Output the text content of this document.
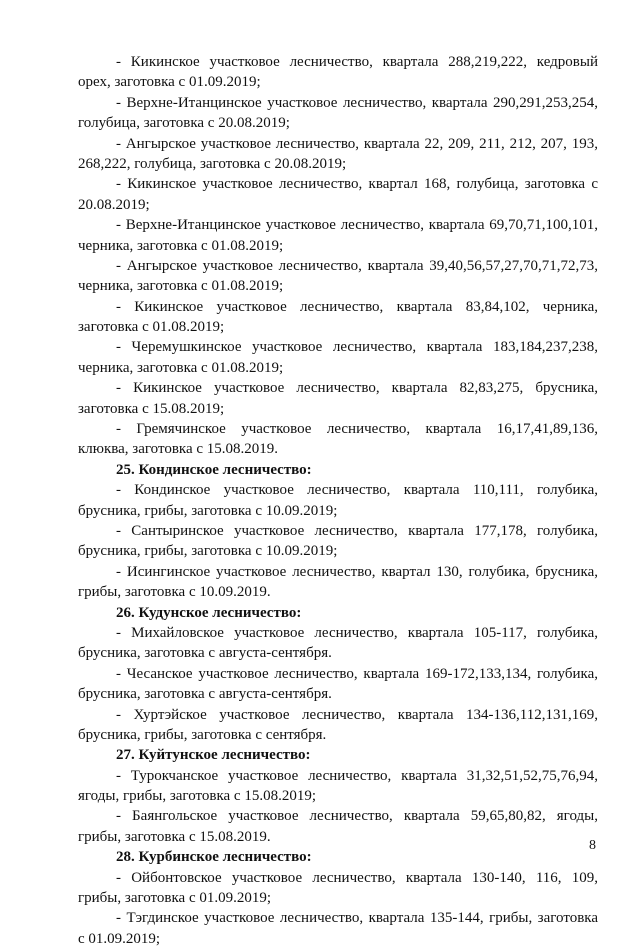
- Кикинское участковое лесничество, квартала 288,219,222, кедровый
орех, заготовка с 01.09.2019;
- Верхне-Итанцинское участковое лесничество, квартала 290,291,253,254,
голубица, заготовка с 20.08.2019;
- Ангырское участковое лесничество, квартала 22, 209, 211, 212, 207, 193,
268,222, голубица, заготовка с 20.08.2019;
- Кикинское участковое лесничество, квартал 168, голубица, заготовка с
20.08.2019;
- Верхне-Итанцинское участковое лесничество, квартала 69,70,71,100,101,
черника, заготовка с 01.08.2019;
- Ангырское участковое лесничество, квартала 39,40,56,57,27,70,71,72,73,
черника, заготовка с 01.08.2019;
- Кикинское участковое лесничество, квартала 83,84,102, черника,
заготовка с 01.08.2019;
- Черемушкинское участковое лесничество, квартала 183,184,237,238,
черника, заготовка с 01.08.2019;
- Кикинское участковое лесничество, квартала 82,83,275, брусника,
заготовка с 15.08.2019;
- Гремячинское участковое лесничество, квартала 16,17,41,89,136,
клюква, заготовка с 15.08.2019.
25. Кондинское лесничество:
- Кондинское участковое лесничество, квартала 110,111, голубика,
брусника, грибы, заготовка с 10.09.2019;
- Сантыринское участковое лесничество, квартала 177,178, голубика,
брусника, грибы, заготовка с 10.09.2019;
- Исингинское участковое лесничество, квартал 130, голубика, брусника,
грибы, заготовка с 10.09.2019.
26. Кудунское лесничество:
- Михайловское участковое лесничество, квартала 105-117, голубика,
брусника, заготовка с августа-сентября.
- Чесанское участковое лесничество, квартала 169-172,133,134, голубика,
брусника, заготовка с августа-сентября.
- Хуртэйское участковое лесничество, квартала 134-136,112,131,169,
брусника, грибы, заготовка с сентября.
27. Куйтунское лесничество:
- Турокчанское участковое лесничество, квартала 31,32,51,52,75,76,94,
ягоды, грибы, заготовка с 15.08.2019;
- Баянгольское участковое лесничество, квартала 59,65,80,82, ягоды,
грибы, заготовка с 15.08.2019.
28. Курбинское лесничество:
- Ойбонтовское участковое лесничество, квартала 130-140, 116, 109,
грибы, заготовка с 01.09.2019;
- Тэгдинское участковое лесничество, квартала 135-144, грибы, заготовка
с 01.09.2019;
8
